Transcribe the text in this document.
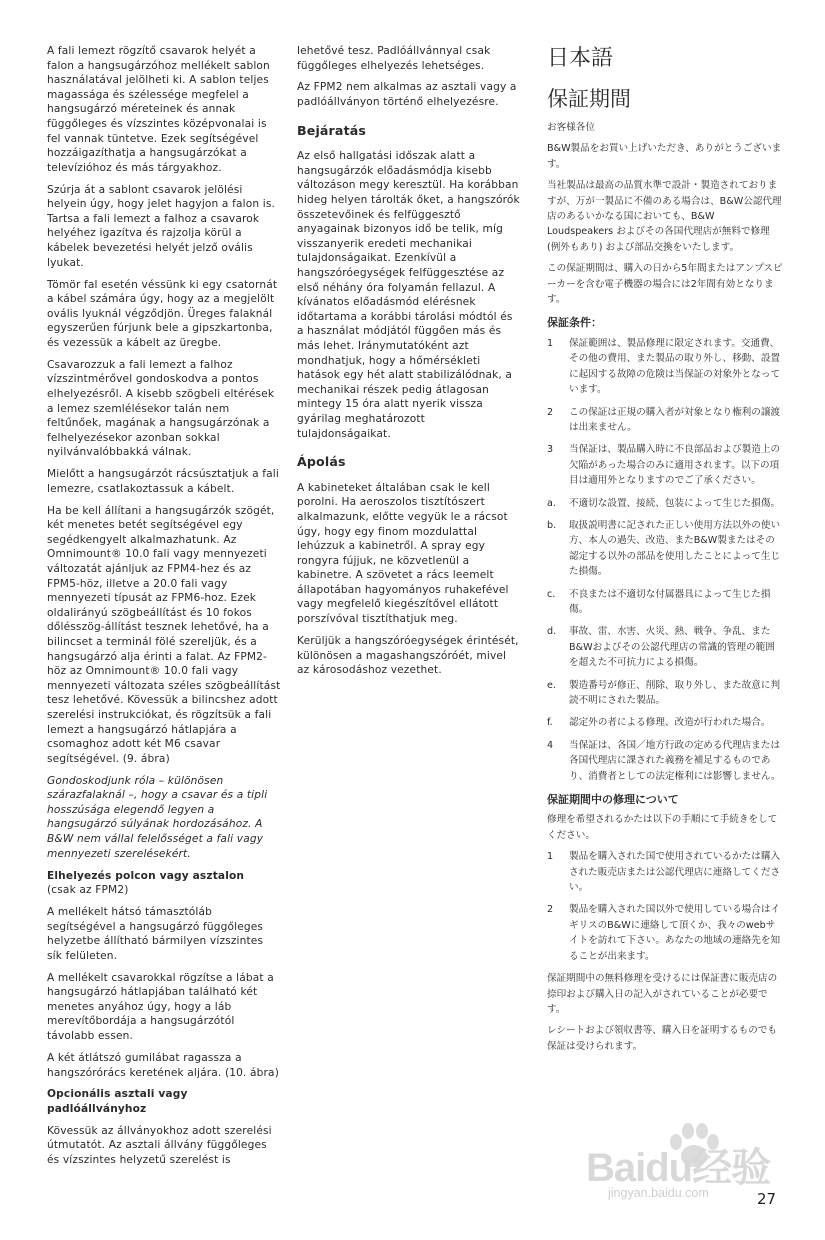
A fali lemezt rögzítő csavarok helyét a falon a hangsugárzóhoz mellékelt sablon használatával jelölheti ki. A sablon teljes magassága és szélessége megfelel a hangsugárzó méreteinek és annak függőleges és vízszintes középvonalai is fel vannak tüntetve. Ezek segítségével hozzáigazíthatja a hangsugárzókat a televízióhoz és más tárgyakhoz.

Szúrja át a sablont csavarok jelölési helyein úgy, hogy jelet hagyjon a falon is. Tartsa a fali lemezt a falhoz a csavarok helyéhez igazítva és rajzolja körül a kábelek bevezetési helyét jelző ovális lyukat.

Tömör fal esetén véssünk ki egy csatornát a kábel számára úgy, hogy az a megjelölt ovális lyuknál végződjön. Üreges falaknál egyszerűen fúrjunk bele a gipszkartonba, és vezessük a kábelt az üregbe.

Csavarozzuk a fali lemezt a falhoz vízszintmérővel gondoskodva a pontos elhelyezésről. A kisebb szögbeli eltérések a lemez szemlélésekor talán nem feltűnőek, magának a hangsugárzónak a felhelyezésekor azonban sokkal nyilvánvalóbbakká válnak.

Mielőtt a hangsugárzót rácsúsztatjuk a fali lemezre, csatlakoztassuk a kábelt.

Ha be kell állítani a hangsugárzók szögét, két menetes betét segítségével egy segédkengyelt alkalmazhatunk. Az Omnimount® 10.0 fali vagy mennyezeti változatát ajánljuk az FPM4-hez és az FPM5-höz, illetve a 20.0 fali vagy mennyezeti típusát az FPM6-hoz. Ezek oldalirányú szögbeállítást és 10 fokos dőlésszög-állítást tesznek lehetővé, ha a bilincset a terminál fölé szereljük, és a hangsugárzó alja érinti a falat. Az FPM2-höz az Omnimount® 10.0 fali vagy mennyezeti változata széles szögbeállítást tesz lehetővé. Kövessük a bilincshez adott szerelési instrukciókat, és rögzítsük a fali lemezt a hangsugárzó hátlapjára a csomaghoz adott két M6 csavar segítségével. (9. ábra)

Gondoskodjunk róla – különösen szárazfalaknál –, hogy a csavar és a tipli hosszúsága elegendő legyen a hangsugárzó súlyának hordozásához. A B&W nem vállal felelősséget a fali vagy mennyezeti szerelésekért.

Elhelyezés polcon vagy asztalon

(csak az FPM2)

A mellékelt hátsó támasztóláb segítségével a hangsugárzó függőleges helyzetbe állítható bármilyen vízszintes sík felületen.

A mellékelt csavarokkal rögzítse a lábat a hangsugárzó hátlapjában található két menetes anyához úgy, hogy a láb merevítőbordája a hangsugárzótól távolabb essen.

A két átlátszó gumilábat ragassza a hangszórórács keretének aljára. (10. ábra)

Opcionális asztali vagy padlóállványhoz

Kövessük az állványokhoz adott szerelési útmutatót. Az asztali állvány függőleges és vízszintes helyzetű szerelést is

lehetővé tesz. Padlóállvánnyal csak függőleges elhelyezés lehetséges.

Az FPM2 nem alkalmas az asztali vagy a padlóállványon történő elhelyezésre.

Bejáratás

Az első hallgatási időszak alatt a hangsugárzók előadásmódja kisebb változáson megy keresztül. Ha korábban hideg helyen tárolták őket, a hangszórók összetevőinek és felfüggesztő anyagainak bizonyos idő be telik, míg visszanyerik eredeti mechanikai tulajdonságaikat. Ezenkívül a hangszóróegységek felfüggesztése az első néhány óra folyamán fellazul. A kívánatos előadásmód elérésnek időtartama a korábbi tárolási módtól és a használat módjától függően más és más lehet. Iránymutatóként azt mondhatjuk, hogy a hőmérsékleti hatások egy hét alatt stabilizálódnak, a mechanikai részek pedig átlagosan mintegy 15 óra alatt nyerik vissza gyárilag meghatározott tulajdonságaikat.

Ápolás

A kabineteket általában csak le kell porolni. Ha aeroszolos tisztítószert alkalmazunk, előtte vegyük le a rácsot úgy, hogy egy finom mozdulattal lehúzzuk a kabinetről. A spray egy rongyra fújjuk, ne közvetlenül a kabinetre. A szövetet a rács leemelt állapotában hagyományos ruhakefével vagy megfelelő kiegészítővel ellátott porszívóval tisztíthatjuk meg.

Kerüljük a hangszóróegységek érintését, különösen a magashangszóróét, mivel az károsodáshoz vezethet.

日本語
保証期間

お客様各位

B&W製品をお買い上げいただき、ありがとうございます。

当社製品は最高の品質水準で設計・製造されておりますが、万が一製品に不備のある場合は、B&W公認代理店のあるいかなる国においても、B&W Loudspeakers およびその各国代理店が無料で修理(例外もあり) および部品交換をいたします。

この保証期間は、購入の日から5年間またはアンプスピーカーを含む電子機器の場合には2年間有効となります。

保証条件：
1	保証範囲は、製品修理に限定されます。交通費、その他の費用、また製品の取り外し、移動、設置に起因する故障の危険は当保証の対象外となっています。
2	この保証は正規の購入者が対象となり権利の譲渡は出来ません。
3	当保証は、製品購入時に不良部品および製造上の欠陥があった場合のみに適用されます。以下の項目は適用外となりますのでご了承ください。
a.	不適切な設置、接続、包装によって生じた損傷。
b.	取扱説明書に記された正しい使用方法以外の使い方、本人の過失、改造、またB&W製またはその認定する以外の部品を使用したことによって生じた損傷。
c.	不良または不適切な付属器具によって生じた損傷。
d.	事故、雷、水害、火災、熱、戦争、争乱、またB&Wおよびその公認代理店の常識的管理の範囲を超えた不可抗力による損傷。
e.	製造番号が修正、削除、取り外し、また故意に判読不明にされた製品。
f.	認定外の者による修理、改造が行われた場合。
4	当保証は、各国／地方行政の定める代理店または各国代理店に課された義務を補足するものであり、消費者としての法定権利には影響しません。
保証期間中の修理について

修理を希望されるかたは以下の手順にて手続きをしてください。

1	製品を購入された国で使用されているかたは購入された販売店または公認代理店に連絡してください。
2	製品を購入された国以外で使用している場合はイギリスのB&Wに連絡して頂くか、我々のwebサイトを訪れて下さい。あなたの地域の連絡先を知ることが出来ます。

保証期間中の無料修理を受けるには保証書に販売店の捺印および購入日の記入がされていることが必要です。

レシートおよび領収書等、購入日を証明するものでも保証は受けられます。

Baidu经验
jingyan.baidu.com	27
